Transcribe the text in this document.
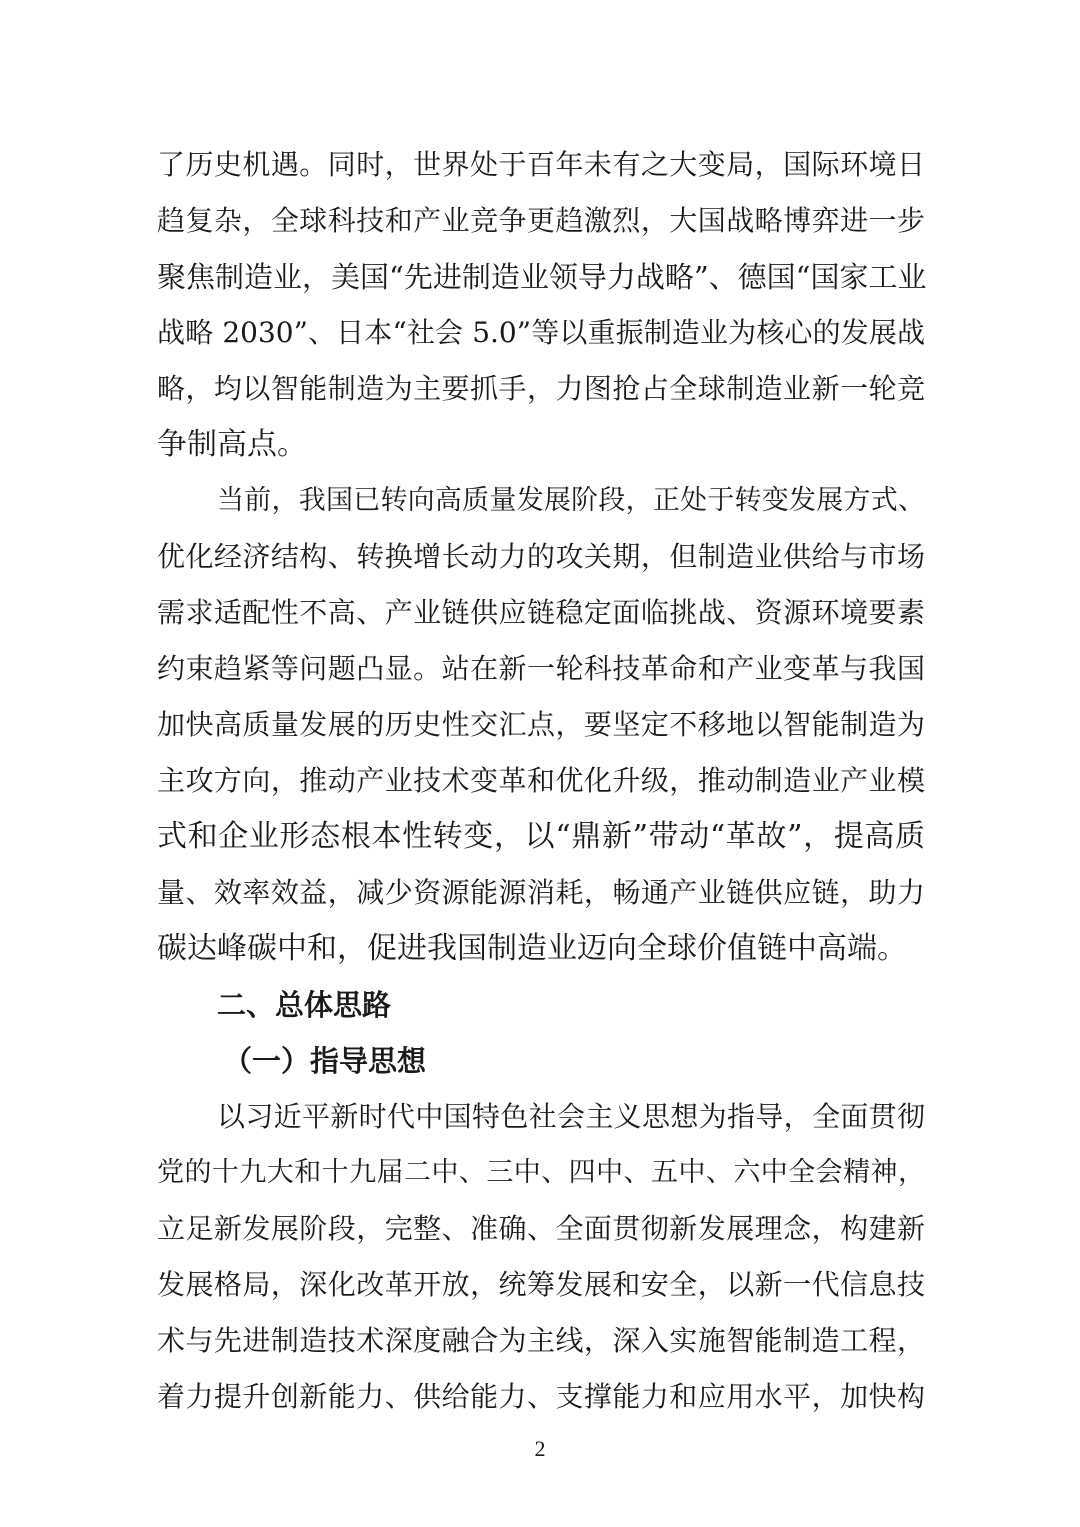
了历史机遇。同时，世界处于百年未有之大变局，国际环境日
趋复杂，全球科技和产业竞争更趋激烈，大国战略博弈进一步
聚焦制造业，美国“先进制造业领导力战略”、德国“国家工业
战略 2030”、日本“社会 5.0”等以重振制造业为核心的发展战
略，均以智能制造为主要抓手，力图抢占全球制造业新一轮竞
争制高点。
当前，我国已转向高质量发展阶段，正处于转变发展方式、
优化经济结构、转换增长动力的攻关期，但制造业供给与市场
需求适配性不高、产业链供应链稳定面临挑战、资源环境要素
约束趋紧等问题凸显。站在新一轮科技革命和产业变革与我国
加快高质量发展的历史性交汇点，要坚定不移地以智能制造为
主攻方向，推动产业技术变革和优化升级，推动制造业产业模
式和企业形态根本性转变，以“鼎新”带动“革故”，提高质
量、效率效益，减少资源能源消耗，畅通产业链供应链，助力
碳达峰碳中和，促进我国制造业迈向全球价值链中高端。
二、总体思路
（一）指导思想
以习近平新时代中国特色社会主义思想为指导，全面贯彻
党的十九大和十九届二中、三中、四中、五中、六中全会精神，
立足新发展阶段，完整、准确、全面贯彻新发展理念，构建新
发展格局，深化改革开放，统筹发展和安全，以新一代信息技
术与先进制造技术深度融合为主线，深入实施智能制造工程，
着力提升创新能力、供给能力、支撑能力和应用水平，加快构
2
